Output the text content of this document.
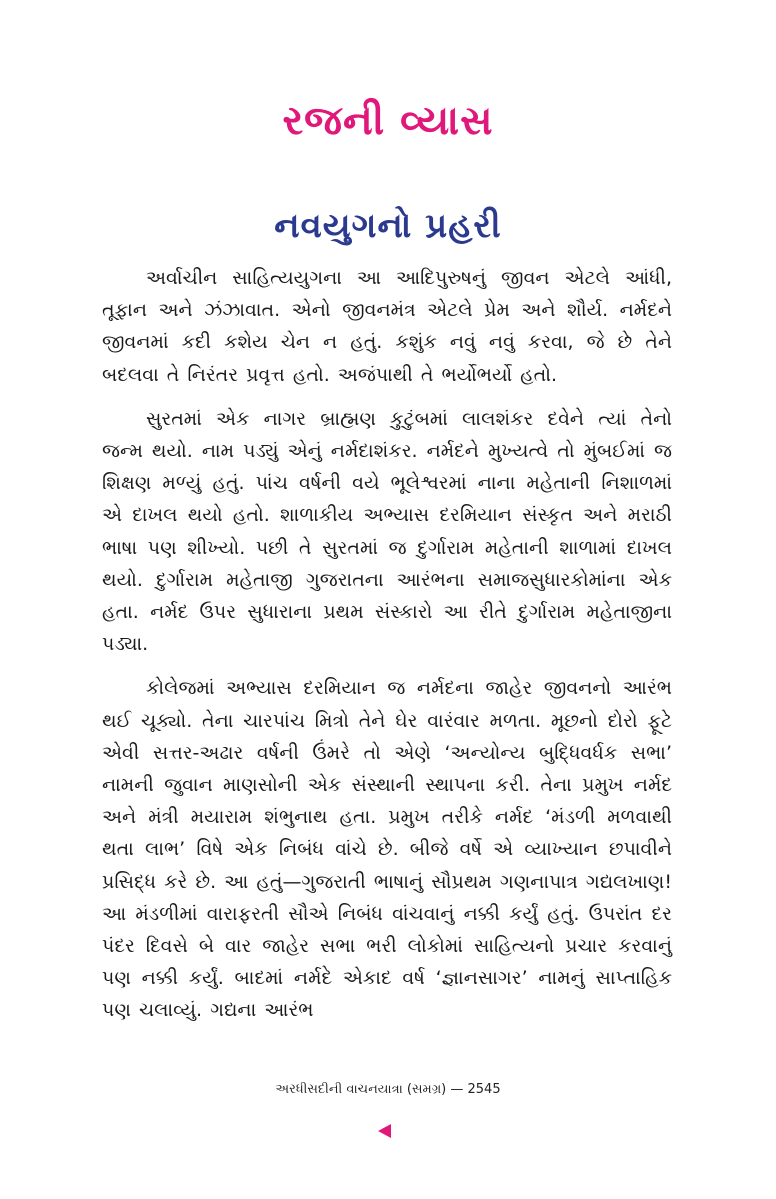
રજની વ્યાસ
નવયુગનો પ્રહરી

અર્વાચીન સાહિત્યયુગના આ આદિપુરુષનું જીવન એટલે આંધી, તૂફાન અને ઝંઝાવાત. એનો જીવનમંત્ર એટલે પ્રેમ અને શૌર્ય. નર્મદને જીવનમાં કદી કશેય ચેન ન હતું. કશુંક નવું નવું કરવા, જે છે તેને બદલવા તે નિરંતર પ્રવૃત્ત હતો. અજંપાથી તે ભર્યોભર્યો હતો.

સુરતમાં એક નાગર બ્રાહ્મણ કુટુંબમાં લાલશંકર દવેને ત્યાં તેનો જન્મ થયો. નામ પડ્યું એનું નર્મદાશંકર. નર્મદને મુખ્યત્વે તો મુંબઈમાં જ શિક્ષણ મળ્યું હતું. પાંચ વર્ષની વયે ભૂલેશ્વરમાં નાના મહેતાની નિશાળમાં એ દાખલ થયો હતો. શાળાકીય અભ્યાસ દરમિયાન સંસ્કૃત અને મરાઠી ભાષા પણ શીખ્યો. પછી તે સુરતમાં જ દુર્ગારામ મહેતાની શાળામાં દાખલ થયો. દુર્ગારામ મહેતાજી ગુજરાતના આરંભના સમાજસુધારકોમાંના એક હતા. નર્મદ ઉપર સુધારાના પ્રથમ સંસ્કારો આ રીતે દુર્ગારામ મહેતાજીના પડ્યા.

કોલેજમાં અભ્યાસ દરમિયાન જ નર્મદના જાહેર જીવનનો આરંભ થઈ ચૂક્યો. તેના ચારપાંચ મિત્રો તેને ઘેર વારંવાર મળતા. મૂછનો દોરો ફૂટે એવી સત્તર-અઢાર વર્ષની ઉંમરે તો એણે ‘અન્યોન્ય બુદ્ધિવર્ધક સભા’ નામની જુવાન માણસોની એક સંસ્થાની સ્થાપના કરી. તેના પ્રમુખ નર્મદ અને મંત્રી મયારામ શંભુનાથ હતા. પ્રમુખ તરીકે નર્મદ ‘મંડળી મળવાથી થતા લાભ’ વિષે એક નિબંધ વાંચે છે. બીજે વર્ષે એ વ્યાખ્યાન છપાવીને પ્રસિદ્ધ કરે છે. આ હતું—ગુજરાતી ભાષાનું સૌપ્રથમ ગણનાપાત્ર ગદ્યલખાણ! આ મંડળીમાં વારાફરતી સૌએ નિબંધ વાંચવાનું નક્કી કર્યું હતું. ઉપરાંત દર પંદર દિવસે બે વાર જાહેર સભા ભરી લોકોમાં સાહિત્યનો પ્રચાર કરવાનું પણ નક્કી કર્યું. બાદમાં નર્મદે એકાદ વર્ષ ‘જ્ઞાનસાગર’ નામનું સાપ્તાહિક પણ ચલાવ્યું. ગદ્યના આરંભ

અરધીસદીની વાચનયાત્રા (સમગ્ર) — 2545
